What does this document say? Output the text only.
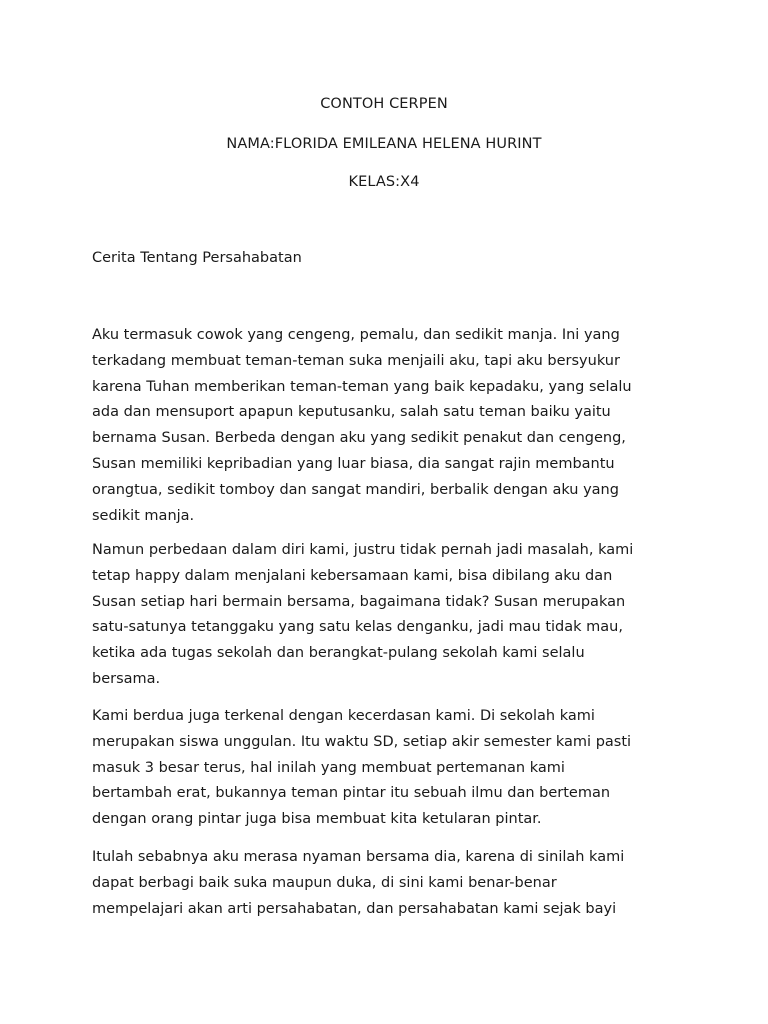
CONTOH CERPEN
NAMA:FLORIDA EMILEANA HELENA HURINT
KELAS:X4
Cerita Tentang Persahabatan
Aku termasuk cowok yang cengeng, pemalu, dan sedikit manja. Ini yang
terkadang membuat teman-teman suka menjaili aku, tapi aku bersyukur
karena Tuhan memberikan teman-teman yang baik kepadaku, yang selalu
ada dan mensuport apapun keputusanku, salah satu teman baiku yaitu
bernama Susan. Berbeda dengan aku yang sedikit penakut dan cengeng,
Susan memiliki kepribadian yang luar biasa, dia sangat rajin membantu
orangtua, sedikit tomboy dan sangat mandiri, berbalik dengan aku yang
sedikit manja.
Namun perbedaan dalam diri kami, justru tidak pernah jadi masalah, kami
tetap happy dalam menjalani kebersamaan kami, bisa dibilang aku dan
Susan setiap hari bermain bersama, bagaimana tidak? Susan merupakan
satu-satunya tetanggaku yang satu kelas denganku, jadi mau tidak mau,
ketika ada tugas sekolah dan berangkat-pulang sekolah kami selalu
bersama.
Kami berdua juga terkenal dengan kecerdasan kami. Di sekolah kami
merupakan siswa unggulan. Itu waktu SD, setiap akir semester kami pasti
masuk 3 besar terus, hal inilah yang membuat pertemanan kami
bertambah erat, bukannya teman pintar itu sebuah ilmu dan berteman
dengan orang pintar juga bisa membuat kita ketularan pintar.
Itulah sebabnya aku merasa nyaman bersama dia, karena di sinilah kami
dapat berbagi baik suka maupun duka, di sini kami benar-benar
mempelajari akan arti persahabatan, dan persahabatan kami sejak bayi
